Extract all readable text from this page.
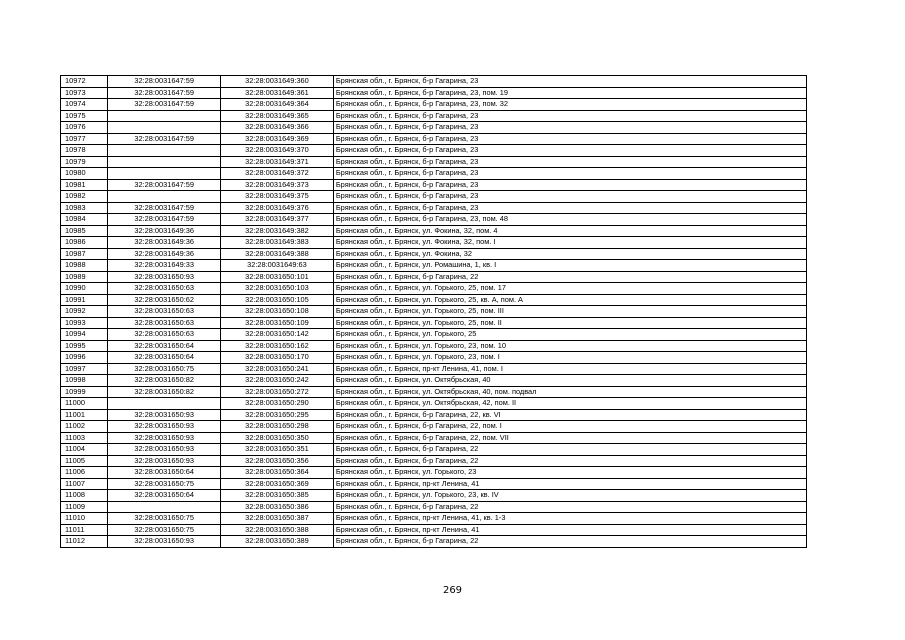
10972	32:28:0031647:59	32:28:0031649:360	Брянская обл., г. Брянск, б-р Гагарина, 23
10973	32:28:0031647:59	32:28:0031649:361	Брянская обл., г. Брянск, б-р Гагарина, 23, пом. 19
10974	32:28:0031647:59	32:28:0031649:364	Брянская обл., г. Брянск, б-р Гагарина, 23, пом. 32
10975		32:28:0031649:365	Брянская обл., г. Брянск, б-р Гагарина, 23
10976		32:28:0031649:366	Брянская обл., г. Брянск, б-р Гагарина, 23
10977	32:28:0031647:59	32:28:0031649:369	Брянская обл., г. Брянск, б-р Гагарина, 23
10978		32:28:0031649:370	Брянская обл., г. Брянск, б-р Гагарина, 23
10979		32:28:0031649:371	Брянская обл., г. Брянск, б-р Гагарина, 23
10980		32:28:0031649:372	Брянская обл., г. Брянск, б-р Гагарина, 23
10981	32:28:0031647:59	32:28:0031649:373	Брянская обл., г. Брянск, б-р Гагарина, 23
10982		32:28:0031649:375	Брянская обл., г. Брянск, б-р Гагарина, 23
10983	32:28:0031647:59	32:28:0031649:376	Брянская обл., г. Брянск, б-р Гагарина, 23
10984	32:28:0031647:59	32:28:0031649:377	Брянская обл., г. Брянск, б-р Гагарина, 23, пом. 48
10985	32:28:0031649:36	32:28:0031649:382	Брянская обл., г. Брянск, ул. Фокина, 32, пом. 4
10986	32:28:0031649:36	32:28:0031649:383	Брянская обл., г. Брянск, ул. Фокина, 32, пом. I
10987	32:28:0031649:36	32:28:0031649:388	Брянская обл., г. Брянск, ул. Фокина, 32
10988	32:28:0031649:33	32:28:0031649:63	Брянская обл., г. Брянск, ул. Ромашина, 1, кв. I
10989	32:28:0031650:93	32:28:0031650:101	Брянская обл., г. Брянск, б-р Гагарина, 22
10990	32:28:0031650:63	32:28:0031650:103	Брянская обл., г. Брянск, ул. Горького, 25, пом. 17
10991	32:28:0031650:62	32:28:0031650:105	Брянская обл., г. Брянск, ул. Горького, 25, кв. А, пом. А
10992	32:28:0031650:63	32:28:0031650:108	Брянская обл., г. Брянск, ул. Горького, 25, пом. III
10993	32:28:0031650:63	32:28:0031650:109	Брянская обл., г. Брянск, ул. Горького, 25, пом. II
10994	32:28:0031650:63	32:28:0031650:142	Брянская обл., г. Брянск, ул. Горького, 25
10995	32:28:0031650:64	32:28:0031650:162	Брянская обл., г. Брянск, ул. Горького, 23, пом. 10
10996	32:28:0031650:64	32:28:0031650:170	Брянская обл., г. Брянск, ул. Горького, 23, пом. I
10997	32:28:0031650:75	32:28:0031650:241	Брянская обл., г. Брянск, пр-кт Ленина, 41, пом. I
10998	32:28:0031650:82	32:28:0031650:242	Брянская обл., г. Брянск, ул. Октябрьская, 40
10999	32:28:0031650:82	32:28:0031650:272	Брянская обл., г. Брянск, ул. Октябрьская, 40, пом. подвал
11000		32:28:0031650:290	Брянская обл., г. Брянск, ул. Октябрьская, 42, пом. II
11001	32:28:0031650:93	32:28:0031650:295	Брянская обл., г. Брянск, б-р Гагарина, 22, кв. VI
11002	32:28:0031650:93	32:28:0031650:298	Брянская обл., г. Брянск, б-р Гагарина, 22, пом. I
11003	32:28:0031650:93	32:28:0031650:350	Брянская обл., г. Брянск, б-р Гагарина, 22, пом. VII
11004	32:28:0031650:93	32:28:0031650:351	Брянская обл., г. Брянск, б-р Гагарина, 22
11005	32:28:0031650:93	32:28:0031650:356	Брянская обл., г. Брянск, б-р Гагарина, 22
11006	32:28:0031650:64	32:28:0031650:364	Брянская обл., г. Брянск, ул. Горького, 23
11007	32:28:0031650:75	32:28:0031650:369	Брянская обл., г. Брянск, пр-кт Ленина, 41
11008	32:28:0031650:64	32:28:0031650:385	Брянская обл., г. Брянск, ул. Горького, 23, кв. IV
11009		32:28:0031650:386	Брянская обл., г. Брянск, б-р Гагарина, 22
11010	32:28:0031650:75	32:28:0031650:387	Брянская обл., г. Брянск, пр-кт Ленина, 41, кв. 1-3
11011	32:28:0031650:75	32:28:0031650:388	Брянская обл., г. Брянск, пр-кт Ленина, 41
11012	32:28:0031650:93	32:28:0031650:389	Брянская обл., г. Брянск, б-р Гагарина, 22
269
